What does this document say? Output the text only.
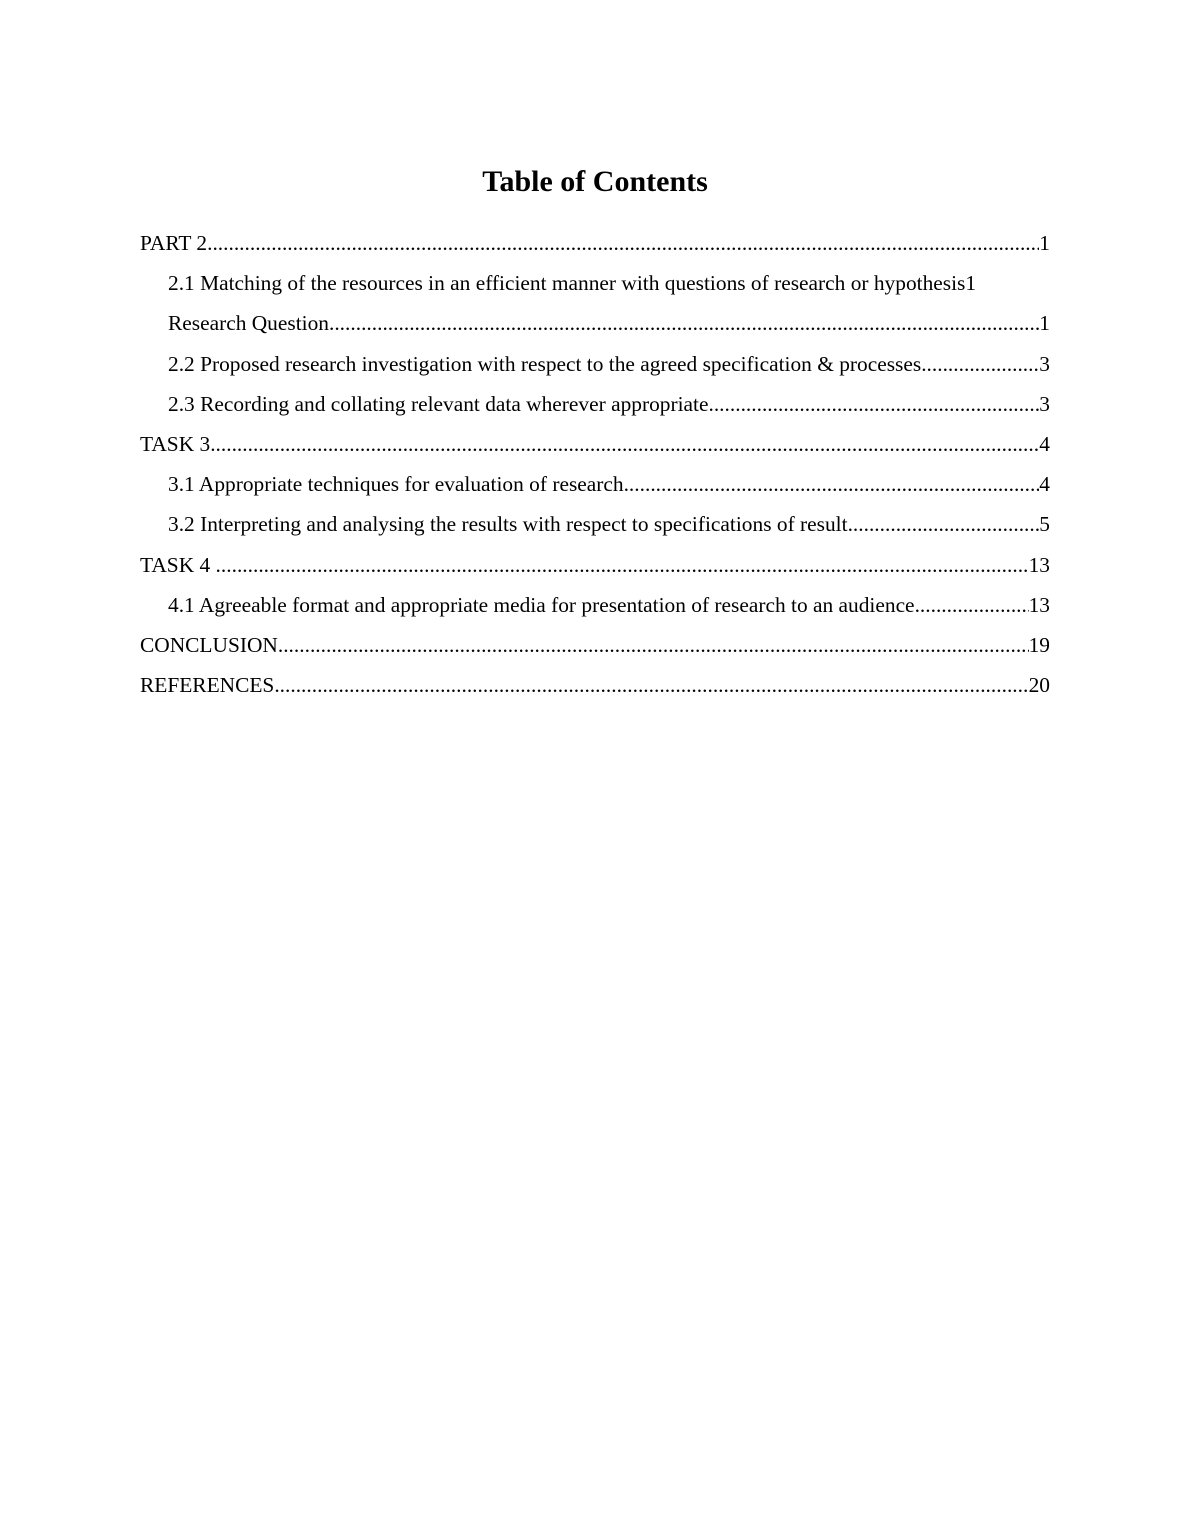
Table of Contents
PART 2 .....	1
2.1 Matching of the resources in an efficient manner with questions of research or hypothesis 1
Research Question .....	1
2.2 Proposed research investigation with respect to the agreed specification & processes .....	3
2.3 Recording and collating relevant data wherever appropriate .....	3
TASK 3 .....	4
3.1 Appropriate techniques for evaluation of research .....	4
3.2 Interpreting and analysing the results with respect to specifications of result .....	5
TASK 4 .....	13
4.1 Agreeable format and appropriate media for presentation of research to an audience .....	13
CONCLUSION .....	19
REFERENCES .....	20
